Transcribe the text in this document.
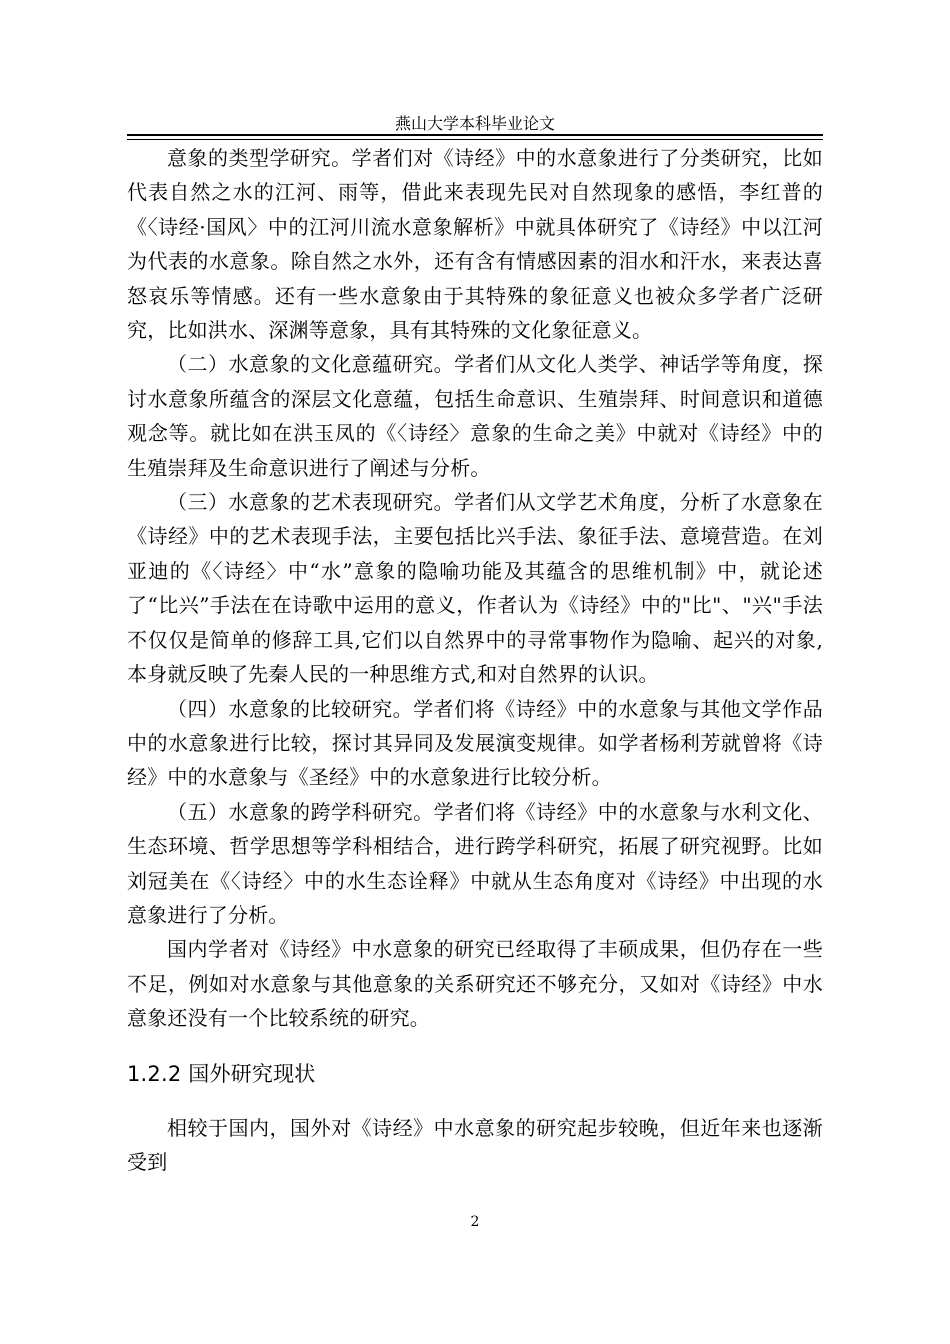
燕山大学本科毕业论文

意象的类型学研究。学者们对《诗经》中的水意象进行了分类研究，比如代表自然之水的江河、雨等，借此来表现先民对自然现象的感悟，李红普的《〈诗经·国风〉中的江河川流水意象解析》中就具体研究了《诗经》中以江河为代表的水意象。除自然之水外，还有含有情感因素的泪水和汗水，来表达喜怒哀乐等情感。还有一些水意象由于其特殊的象征意义也被众多学者广泛研究，比如洪水、深渊等意象，具有其特殊的文化象征意义。

（二）水意象的文化意蕴研究。学者们从文化人类学、神话学等角度，探讨水意象所蕴含的深层文化意蕴，包括生命意识、生殖崇拜、时间意识和道德观念等。就比如在洪玉凤的《〈诗经〉意象的生命之美》中就对《诗经》中的生殖崇拜及生命意识进行了阐述与分析。

（三）水意象的艺术表现研究。学者们从文学艺术角度，分析了水意象在《诗经》中的艺术表现手法，主要包括比兴手法、象征手法、意境营造。在刘亚迪的《〈诗经〉中“水”意象的隐喻功能及其蕴含的思维机制》中，就论述了“比兴”手法在在诗歌中运用的意义，作者认为《诗经》中的"比"、"兴"手法不仅仅是简单的修辞工具,它们以自然界中的寻常事物作为隐喻、起兴的对象,本身就反映了先秦人民的一种思维方式,和对自然界的认识。

（四）水意象的比较研究。学者们将《诗经》中的水意象与其他文学作品中的水意象进行比较，探讨其异同及发展演变规律。如学者杨利芳就曾将《诗经》中的水意象与《圣经》中的水意象进行比较分析。

（五）水意象的跨学科研究。学者们将《诗经》中的水意象与水利文化、生态环境、哲学思想等学科相结合，进行跨学科研究，拓展了研究视野。比如刘冠美在《〈诗经〉中的水生态诠释》中就从生态角度对《诗经》中出现的水意象进行了分析。

国内学者对《诗经》中水意象的研究已经取得了丰硕成果，但仍存在一些不足，例如对水意象与其他意象的关系研究还不够充分，又如对《诗经》中水意象还没有一个比较系统的研究。

1.2.2 国外研究现状

相较于国内，国外对《诗经》中水意象的研究起步较晚，但近年来也逐渐受到

2
